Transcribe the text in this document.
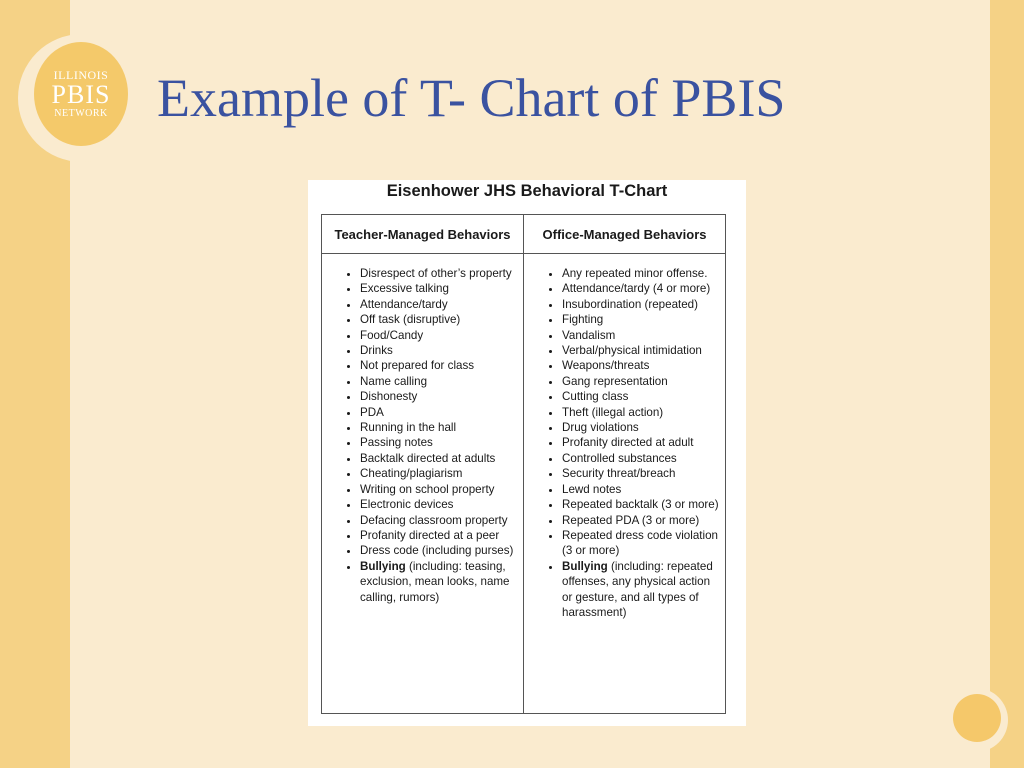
ILLINOIS
PBIS
NETWORK Example of T- Chart of PBIS
Eisenhower JHS Behavioral T-Chart
Teacher-Managed Behaviors	Office-Managed Behaviors
• Disrespect of other’s property
• Excessive talking
• Attendance/tardy
• Off task (disruptive)
• Food/Candy
• Drinks
• Not prepared for class
• Name calling
• Dishonesty
• PDA
• Running in the hall
• Passing notes
• Backtalk directed at adults
• Cheating/plagiarism
• Writing on school property
• Electronic devices
• Defacing classroom property
• Profanity directed at a peer
• Dress code (including purses)
• Bullying (including: teasing, exclusion, mean looks, name calling, rumors)
• Any repeated minor offense.
• Attendance/tardy (4 or more)
• Insubordination (repeated)
• Fighting
• Vandalism
• Verbal/physical intimidation
• Weapons/threats
• Gang representation
• Cutting class
• Theft (illegal action)
• Drug violations
• Profanity directed at adult
• Controlled substances
• Security threat/breach
• Lewd notes
• Repeated backtalk (3 or more)
• Repeated PDA (3 or more)
• Repeated dress code violation (3 or more)
• Bullying (including: repeated offenses, any physical action or gesture, and all types of harassment)
